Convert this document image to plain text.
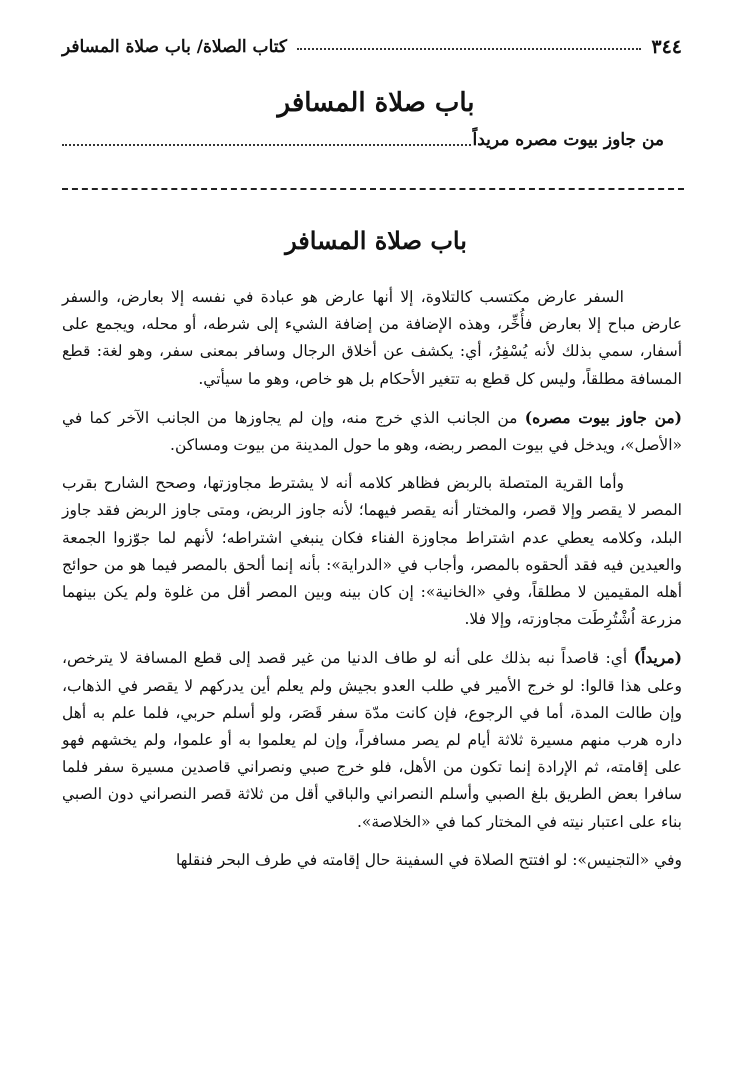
٣٤٤
كتاب الصلاة/ باب صلاة المسافر
باب صلاة المسافر
من جاوز بيوت مصره مريداً
باب صلاة المسافر

السفر عارض مكتسب كالتلاوة، إلا أنها عارض هو عبادة في نفسه إلا بعارض، والسفر عارض مباح إلا بعارض فأُخِّر، وهذه الإضافة من إضافة الشيء إلى شرطه، أو محله، ويجمع على أسفار، سمي بذلك لأنه يُسْفِرُ، أي: يكشف عن أخلاق الرجال وسافر بمعنى سفر، وهو لغة: قطع المسافة مطلقاً، وليس كل قطع به تتغير الأحكام بل هو خاص، وهو ما سيأتي.

(من جاوز بيوت مصره) من الجانب الذي خرج منه، وإن لم يجاوزها من الجانب الآخر كما في «الأصل»، ويدخل في بيوت المصر ربضه، وهو ما حول المدينة من بيوت ومساكن.

وأما القرية المتصلة بالربض فظاهر كلامه أنه لا يشترط مجاوزتها، وصحح الشارح بقرب المصر لا يقصر وإلا قصر، والمختار أنه يقصر فيهما؛ لأنه جاوز الربض، ومتى جاوز الربض فقد جاوز البلد، وكلامه يعطي عدم اشتراط مجاوزة الفناء فكان ينبغي اشتراطه؛ لأنهم لما جوّزوا الجمعة والعيدين فيه فقد ألحقوه بالمصر، وأجاب في «الدراية»: بأنه إنما ألحق بالمصر فيما هو من حوائج أهله المقيمين لا مطلقاً، وفي «الخانية»: إن كان بينه وبين المصر أقل من غلوة ولم يكن بينهما مزرعة اُشْتُرِطَت مجاوزته، وإلا فلا.

(مريداً) أي: قاصداً نبه بذلك على أنه لو طاف الدنيا من غير قصد إلى قطع المسافة لا يترخص، وعلى هذا قالوا: لو خرج الأمير في طلب العدو بجيش ولم يعلم أين يدركهم لا يقصر في الذهاب، وإن طالت المدة، أما في الرجوع، فإن كانت مدّة سفر قَصَر، ولو أسلم حربي، فلما علم به أهل داره هرب منهم مسيرة ثلاثة أيام لم يصر مسافراً، وإن لم يعلموا به أو علموا، ولم يخشهم فهو على إقامته، ثم الإرادة إنما تكون من الأهل، فلو خرج صبي ونصراني قاصدين مسيرة سفر فلما سافرا بعض الطريق بلغ الصبي وأسلم النصراني والباقي أقل من ثلاثة قصر النصراني دون الصبي بناء على اعتبار نيته في المختار كما في «الخلاصة».

وفي «التجنيس»: لو افتتح الصلاة في السفينة حال إقامته في طرف البحر فنقلها
